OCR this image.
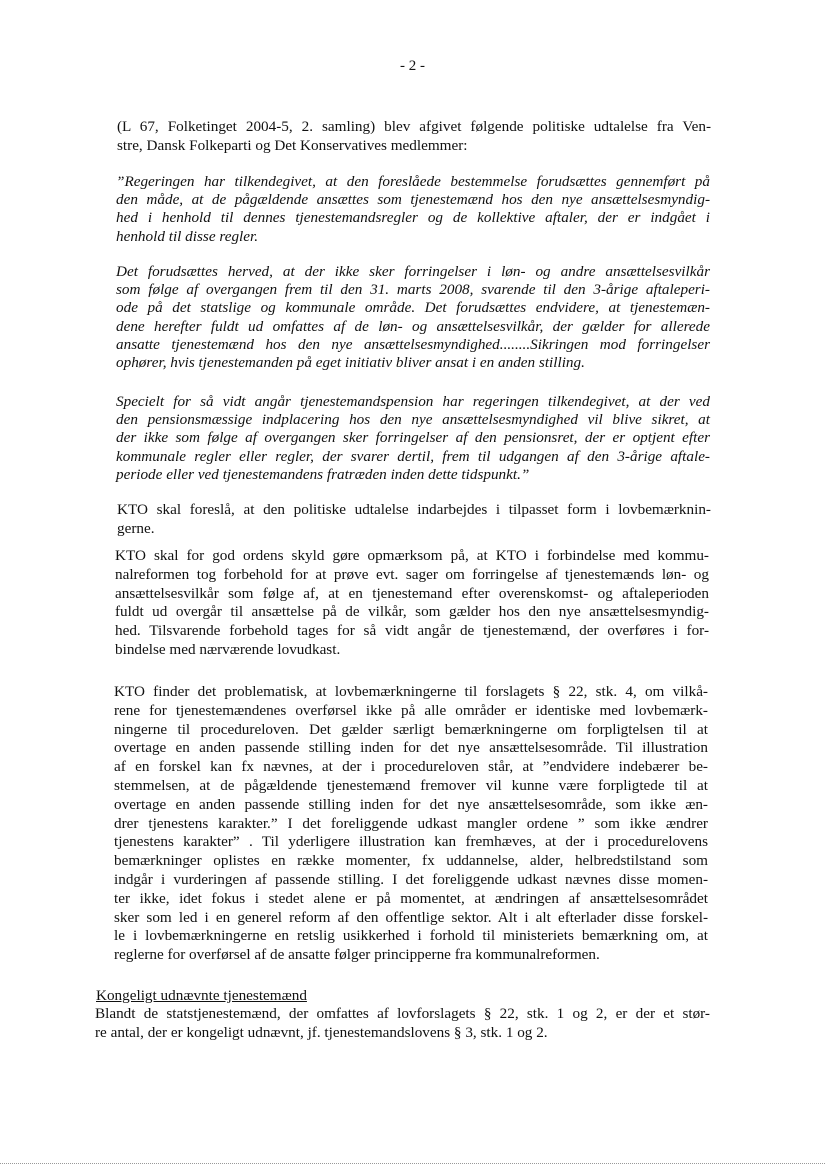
- 2 -
(L 67, Folketinget 2004-5, 2. samling) blev afgivet følgende politiske udtalelse fra Ven-
stre, Dansk Folkeparti og Det Konservatives medlemmer:
”Regeringen har tilkendegivet, at den foreslåede bestemmelse forudsættes gennemført på
den måde, at de pågældende ansættes som tjenestemænd hos den nye ansættelsesmyndig-
hed i henhold til dennes tjenestemandsregler og de kollektive aftaler, der er indgået i
henhold til disse regler.
Det forudsættes herved, at der ikke sker forringelser i løn- og andre ansættelsesvilkår
som følge af overgangen frem til den 31. marts 2008, svarende til den 3-årige aftaleperi-
ode på det statslige og kommunale område. Det forudsættes endvidere, at tjenestemæn-
dene herefter fuldt ud omfattes af de løn- og ansættelsesvilkår, der gælder for allerede
ansatte tjenestemænd hos den nye ansættelsesmyndighed........Sikringen mod forringelser
ophører, hvis tjenestemanden på eget initiativ bliver ansat i en anden stilling.
Specielt for så vidt angår tjenestemandspension har regeringen tilkendegivet, at der ved
den pensionsmæssige indplacering hos den nye ansættelsesmyndighed vil blive sikret, at
der ikke som følge af overgangen sker forringelser af den pensionsret, der er optjent efter
kommunale regler eller regler, der svarer dertil, frem til udgangen af den 3-årige aftale-
periode eller ved tjenestemandens fratræden inden dette tidspunkt.”
KTO skal foreslå, at den politiske udtalelse indarbejdes i tilpasset form i lovbemærknin-
gerne.
KTO skal for god ordens skyld gøre opmærksom på, at KTO i forbindelse med kommu-
nalreformen tog forbehold for at prøve evt. sager om forringelse af tjenestemænds løn- og
ansættelsesvilkår som følge af, at en tjenestemand efter overenskomst- og aftaleperioden
fuldt ud overgår til ansættelse på de vilkår, som gælder hos den nye ansættelsesmyndig-
hed. Tilsvarende forbehold tages for så vidt angår de tjenestemænd, der overføres i for-
bindelse med nærværende lovudkast.
KTO finder det problematisk, at lovbemærkningerne til forslagets § 22, stk. 4, om vilkå-
rene for tjenestemændenes overførsel ikke på alle områder er identiske med lovbemærk-
ningerne til procedureloven. Det gælder særligt bemærkningerne om forpligtelsen til at
overtage en anden passende stilling inden for det nye ansættelsesområde. Til illustration
af en forskel kan fx nævnes, at der i procedureloven står, at ”endvidere indebærer be-
stemmelsen, at de pågældende tjenestemænd fremover vil kunne være forpligtede til at
overtage en anden passende stilling inden for det nye ansættelsesområde, som ikke æn-
drer tjenestens karakter.” I det foreliggende udkast mangler ordene ” som ikke ændrer
tjenestens karakter” . Til yderligere illustration kan fremhæves, at der i procedurelovens
bemærkninger oplistes en række momenter, fx uddannelse, alder, helbredstilstand som
indgår i vurderingen af passende stilling. I det foreliggende udkast nævnes disse momen-
ter ikke, idet fokus i stedet alene er på momentet, at ændringen af ansættelsesområdet
sker som led i en generel reform af den offentlige sektor. Alt i alt efterlader disse forskel-
le i lovbemærkningerne en retslig usikkerhed i forhold til ministeriets bemærkning om, at
reglerne for overførsel af de ansatte følger principperne fra kommunalreformen.
Kongeligt udnævnte tjenestemænd
Blandt de statstjenestemænd, der omfattes af lovforslagets § 22, stk. 1 og 2, er der et stør-
re antal, der er kongeligt udnævnt, jf. tjenestemandslovens § 3, stk. 1 og 2.
